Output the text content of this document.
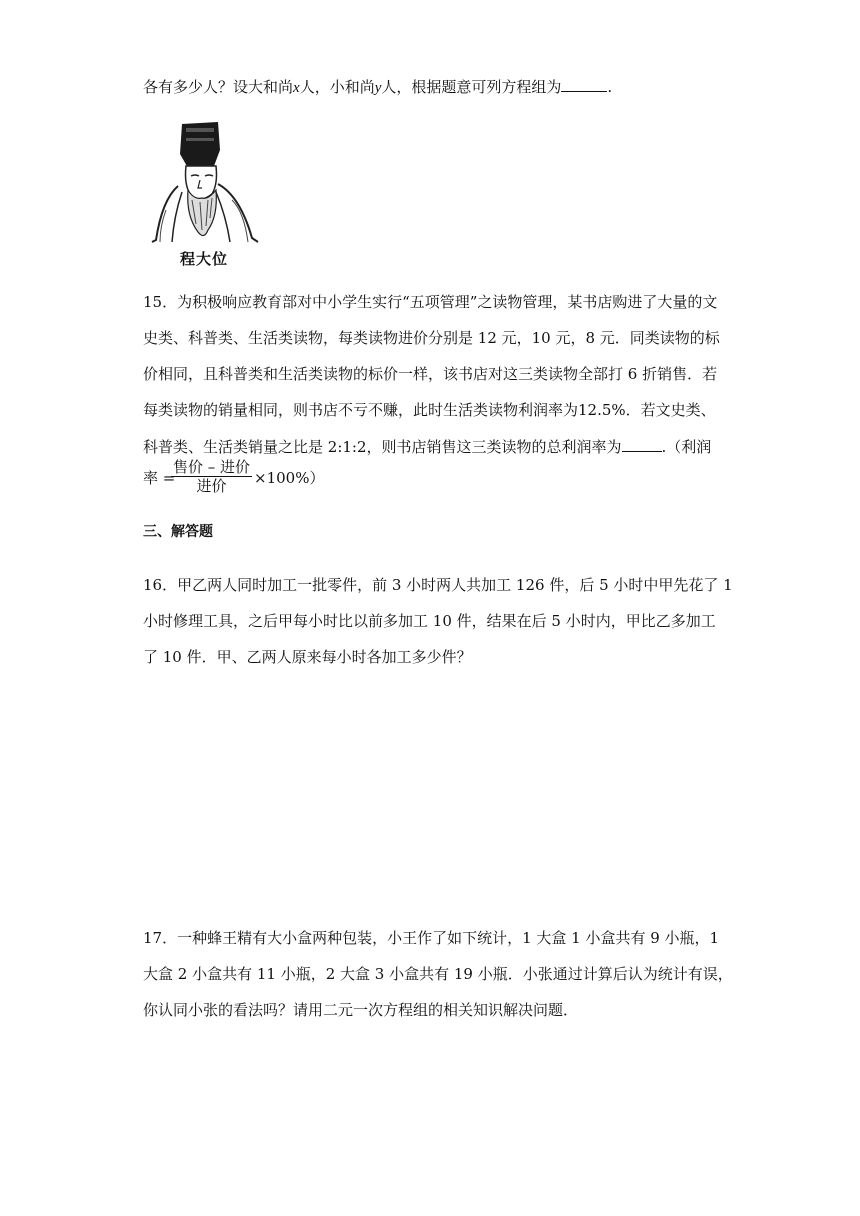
各有多少人？设大和尚x人，小和尚y人，根据题意可列方程组为	.
程大位
15．为积极响应教育部对中小学生实行“五项管理”之读物管理，某书店购进了大量的文
史类、科普类、生活类读物，每类读物进价分别是 12 元，10 元，8 元．同类读物的标
价相同，且科普类和生活类读物的标价一样，该书店对这三类读物全部打 6 折销售．若
每类读物的销量相同，则书店不亏不赚，此时生活类读物利润率为12.5%．若文史类、
科普类、生活类销量之比是 2:1:2，则书店销售这三类读物的总利润率为	.（利润
率 =
售价 – 进价
进价	×100%）
三、解答题
16．甲乙两人同时加工一批零件，前 3 小时两人共加工 126 件，后 5 小时中甲先花了 1
小时修理工具，之后甲每小时比以前多加工 10 件，结果在后 5 小时内，甲比乙多加工
了 10 件．甲、乙两人原来每小时各加工多少件？
17．一种蜂王精有大小盒两种包装，小王作了如下统计，1 大盒 1 小盒共有 9 小瓶，1
大盒 2 小盒共有 11 小瓶，2 大盒 3 小盒共有 19 小瓶．小张通过计算后认为统计有误，
你认同小张的看法吗？请用二元一次方程组的相关知识解决问题．
